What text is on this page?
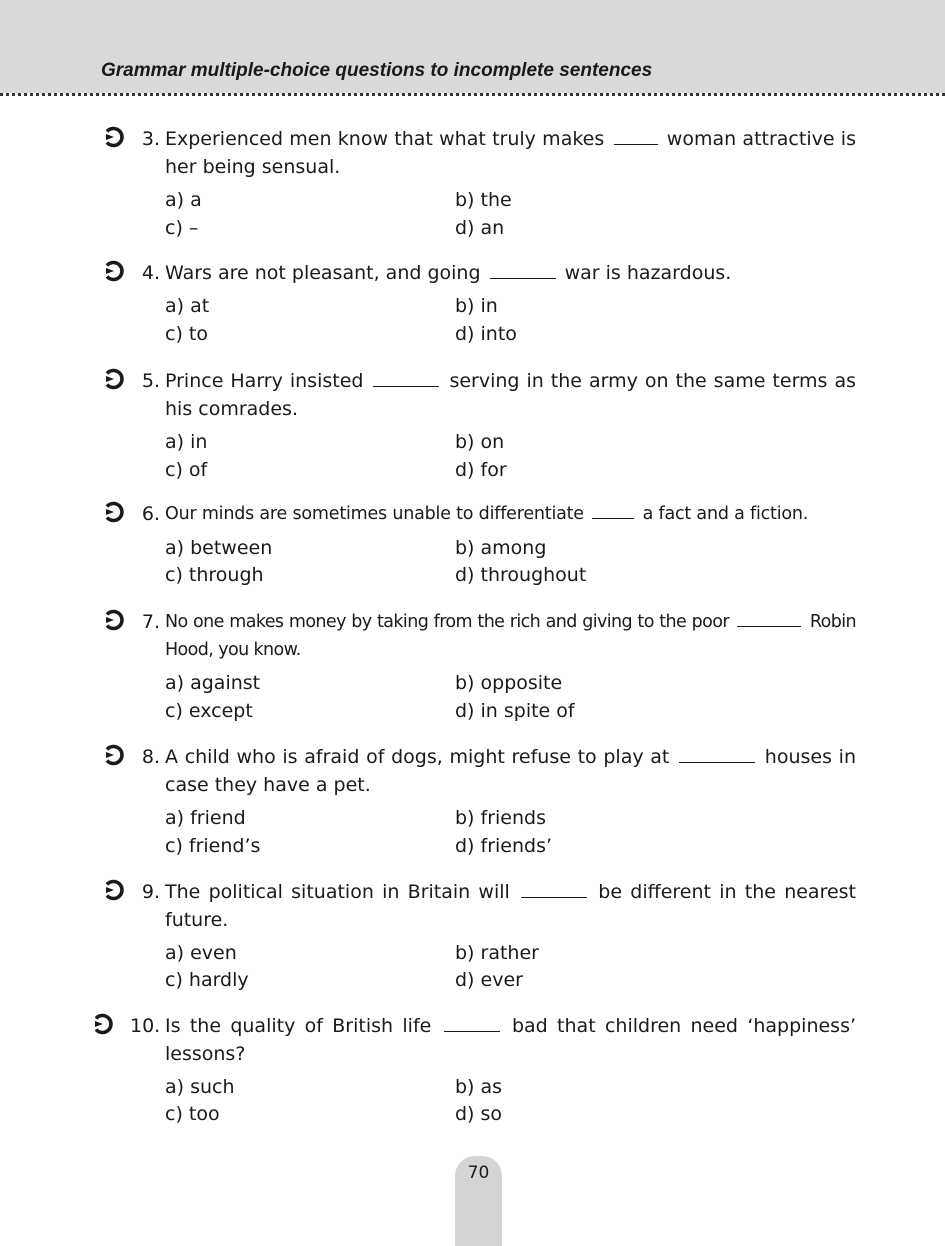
Grammar multiple-choice questions to incomplete sentences
3. Experienced men know that what truly makes	woman attractive is her being sensual.
a) a	b) the
c) –	d) an
4. Wars are not pleasant, and going	war is hazardous.
a) at	b) in
c) to	d) into
5. Prince Harry insisted	serving in the army on the same terms as his comrades.
a) in	b) on
c) of	d) for
6. Our minds are sometimes unable to differentiate	a fact and a fiction.
a) between	b) among
c) through	d) throughout
7. No one makes money by taking from the rich and giving to the poor	Robin Hood, you know.
a) against	b) opposite
c) except	d) in spite of
8. A child who is afraid of dogs, might refuse to play at	houses in case they have a pet.
a) friend	b) friends
c) friend’s	d) friends’
9. The political situation in Britain will	be different in the nearest future.
a) even	b) rather
c) hardly	d) ever
10. Is the quality of British life	bad that children need ‘happiness’ lessons?
a) such	b) as
c) too	d) so
70
